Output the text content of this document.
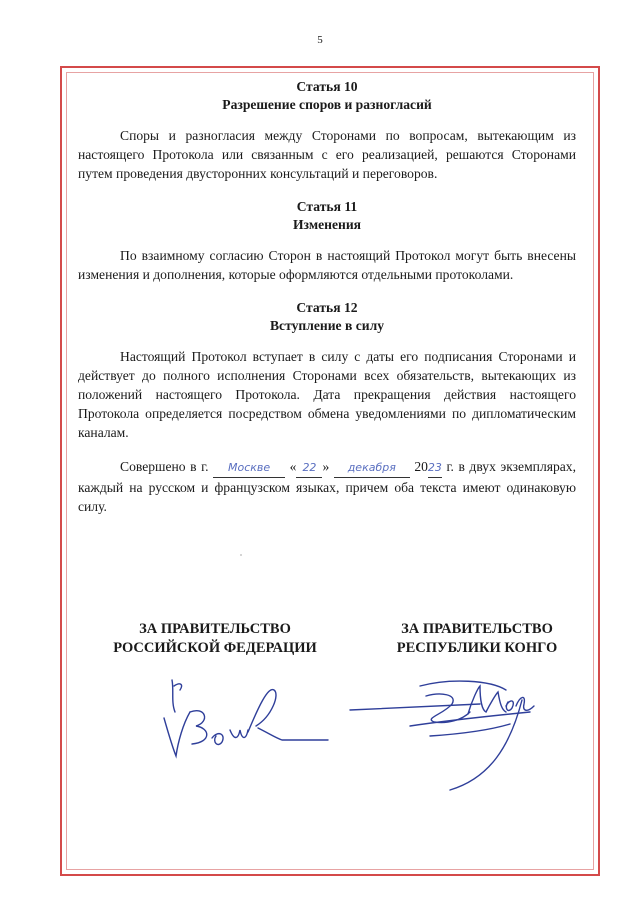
5
Статья 10
Разрешение споров и разногласий

Споры и разногласия между Сторонами по вопросам, вытекающим из настоящего Протокола или связанным с его реализацией, решаются Сторонами путем проведения двусторонних консультаций и переговоров.

Статья 11
Изменения

По взаимному согласию Сторон в настоящий Протокол могут быть внесены изменения и дополнения, которые оформляются отдельными протоколами.

Статья 12
Вступление в силу

Настоящий Протокол вступает в силу с даты его подписания Сторонами и действует до полного исполнения Сторонами всех обязательств, вытекающих из положений настоящего Протокола. Дата прекращения действия настоящего Протокола определяется посредством обмена уведомлениями по дипломатическим каналам.

Совершено в г. Москве « 22 » декабря 2023 г. в двух экземплярах, каждый на русском и французском языках, причем оба текста имеют одинаковую силу.

ЗА ПРАВИТЕЛЬСТВО
РОССИЙСКОЙ ФЕДЕРАЦИИ
ЗА ПРАВИТЕЛЬСТВО
РЕСПУБЛИКИ КОНГО
